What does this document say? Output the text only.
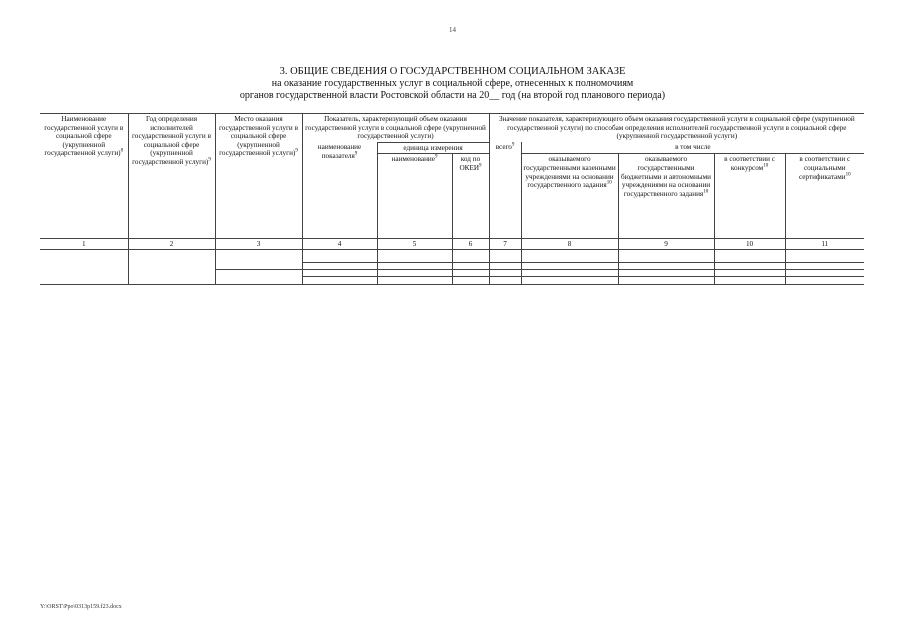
14
3. ОБЩИЕ СВЕДЕНИЯ О ГОСУДАРСТВЕННОМ СОЦИАЛЬНОМ ЗАКАЗЕ
на оказание государственных услуг в социальной сфере, отнесенных к полномочиям
органов государственной власти Ростовской области на 20__ год (на второй год планового периода)
Наименование государственной услуги в социальной сфере (укрупненной государственной услуги)$^8$	Год определения исполнителей государственной услуги в социальной сфере (укрупненной государственной услуги)$^9$	Место оказания государственной услуги в социальной сфере (укрупненной государственной услуги)$^9$	Показатель, характеризующий объем оказания государственной услуги в социальной сфере (укрупненной государственной услуги)			Значение показателя, характеризующего объем оказания государственной услуги в социальной сфере (укрупненной государственной услуги) по способам определения исполнителей государственной услуги в социальной сфере (укрупненной государственной услуги)				
			наименование показателя$^9$	единица измерения		всего$^9$	в том числе			
				наименование$^9$	код по ОКЕИ$^9$		оказываемого государственными казенными учреждениями на основании государственного задания$^{10}$	оказываемого государственными бюджетными и автономными учреждениями на основании государственного задания$^{10}$	в соответствии с конкурсом$^{10}$	в соответствии с социальными сертификатами$^{10}$

1	2	3	4	5	6	7	8	9	10	11

Y:\ORST\Ppo\0313p159.f23.docx
